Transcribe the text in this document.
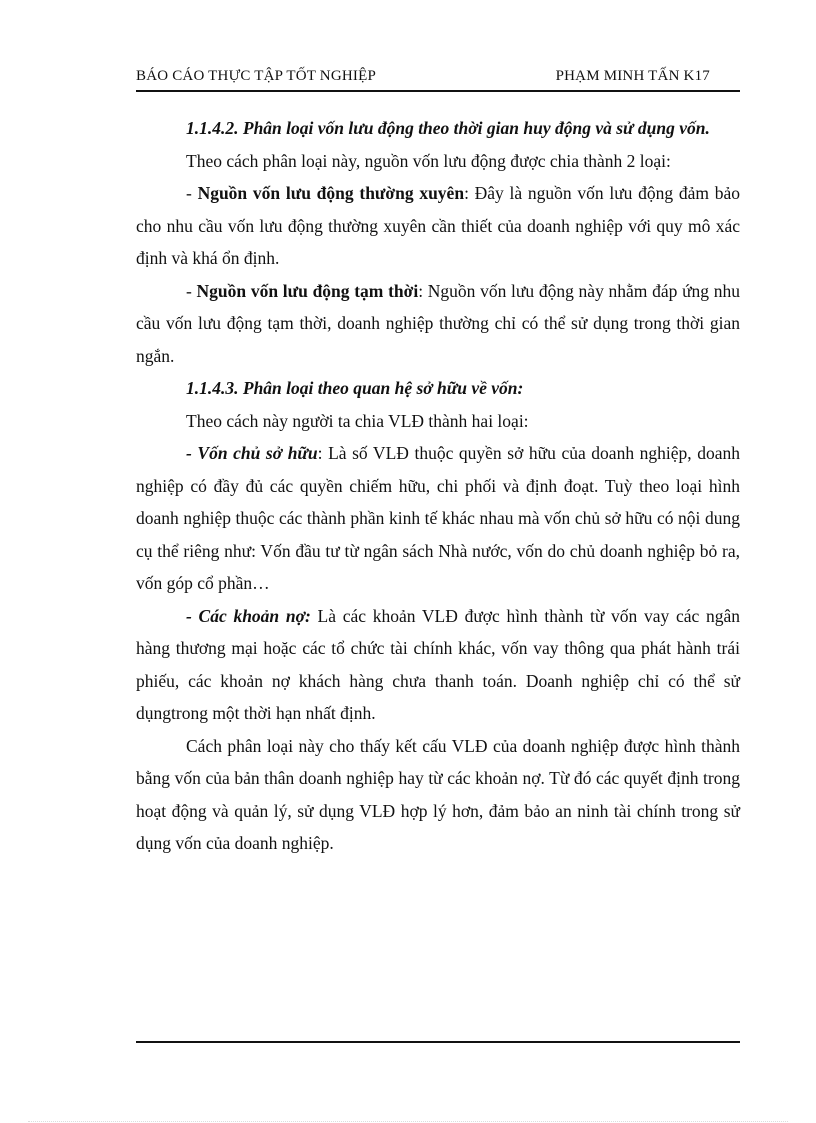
BÁO CÁO THỰC TẬP TỐT NGHIỆP	PHẠM MINH TẤN K17

1.1.4.2. Phân loại vốn lưu động theo thời gian huy động và sử dụng vốn.

Theo cách phân loại này, nguồn vốn lưu động được chia thành 2 loại:

- Nguồn vốn lưu động thường xuyên: Đây là nguồn vốn lưu động đảm bảo cho nhu cầu vốn lưu động thường xuyên cần thiết của doanh nghiệp với quy mô xác định và khá ổn định.

- Nguồn vốn lưu động tạm thời: Nguồn vốn lưu động này nhằm đáp ứng nhu cầu vốn lưu động tạm thời, doanh nghiệp thường chỉ có thể sử dụng trong thời gian ngắn.

1.1.4.3. Phân loại theo quan hệ sở hữu về vốn:

Theo cách này người ta chia VLĐ thành hai loại:

- Vốn chủ sở hữu: Là số VLĐ thuộc quyền sở hữu của doanh nghiệp, doanh nghiệp có đầy đủ các quyền chiếm hữu, chi phối và định đoạt. Tuỳ theo loại hình doanh nghiệp thuộc các thành phần kinh tế khác nhau mà vốn chủ sở hữu có nội dung cụ thể riêng như: Vốn đầu tư từ ngân sách Nhà nước, vốn do chủ doanh nghiệp bỏ ra, vốn góp cổ phần…

- Các khoản nợ: Là các khoản VLĐ được hình thành từ vốn vay các ngân hàng thương mại hoặc các tổ chức tài chính khác, vốn vay thông qua phát hành trái phiếu, các khoản nợ khách hàng chưa thanh toán. Doanh nghiệp chỉ có thể sử dụngtrong một thời hạn nhất định.

Cách phân loại này cho thấy kết cấu VLĐ của doanh nghiệp được hình thành bằng vốn của bản thân doanh nghiệp hay từ các khoản nợ. Từ đó các quyết định trong hoạt động và quản lý, sử dụng VLĐ hợp lý hơn, đảm bảo an ninh tài chính trong sử dụng vốn của doanh nghiệp.
